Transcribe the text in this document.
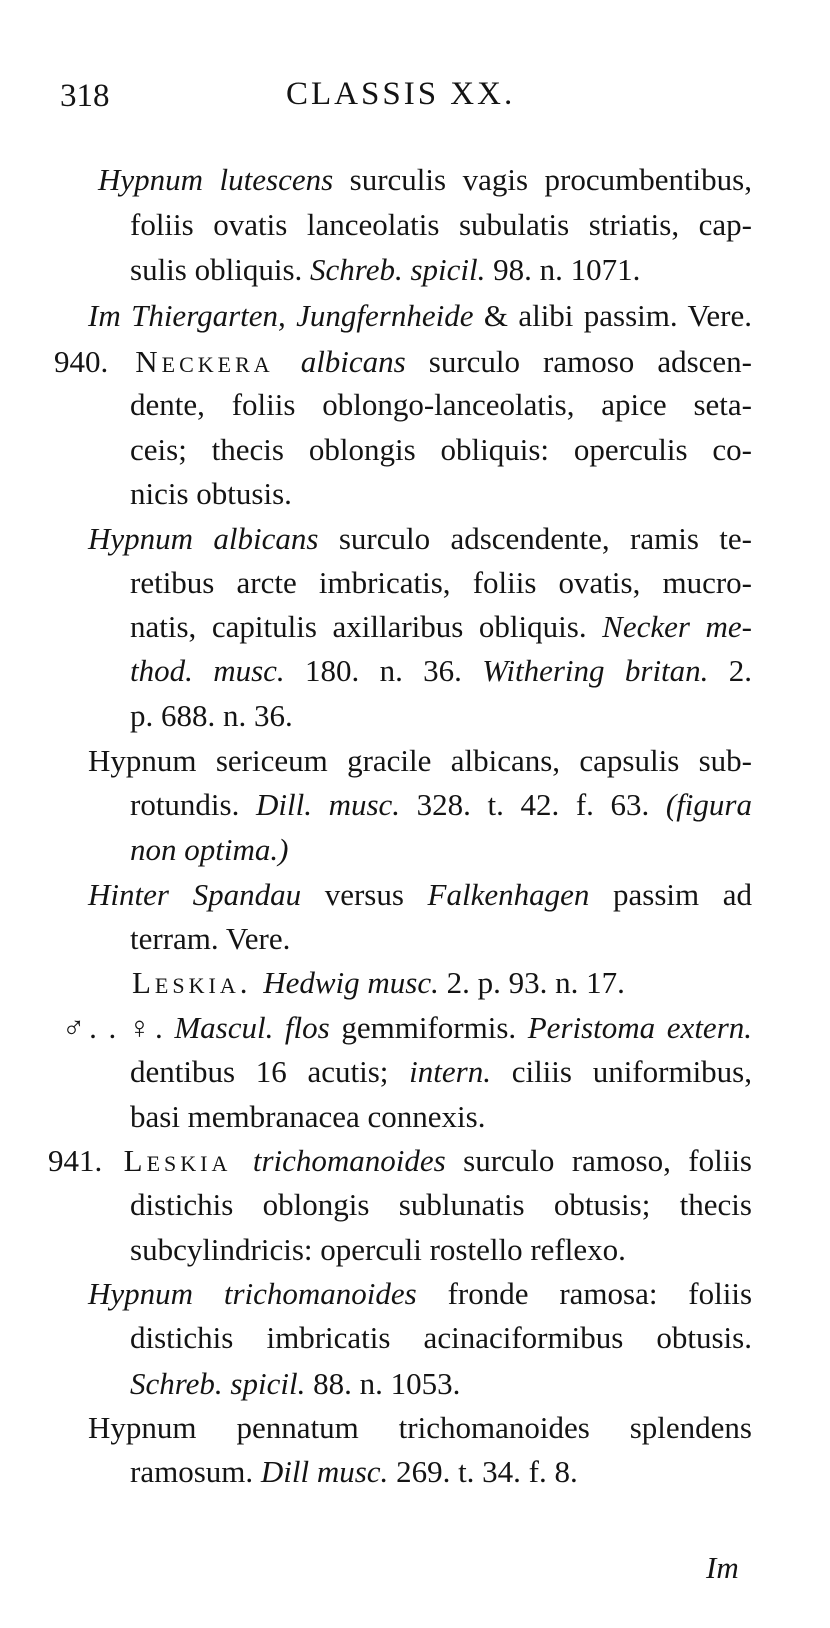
318	CLASSIS XX.
Hypnum lutescens surculis vagis procumbentibus,
foliis ovatis lanceolatis subulatis striatis, cap-
sulis obliquis. Schreb. spicil. 98. n. 1071.
Im Thiergarten, Jungfernheide & alibi passim. Vere.
940. Neckera albicans surculo ramoso adscen-
dente, foliis oblongo-lanceolatis, apice seta-
ceis; thecis oblongis obliquis: operculis co-
nicis obtusis.
Hypnum albicans surculo adscendente, ramis te-
retibus arcte imbricatis, foliis ovatis, mucro-
natis, capitulis axillaribus obliquis. Necker me-
thod. musc. 180. n. 36. Withering britan. 2.
p. 688. n. 36.
Hypnum sericeum gracile albicans, capsulis sub-
rotundis. Dill. musc. 328. t. 42. f. 63. (figura
non optima.)
Hinter Spandau versus Falkenhagen passim ad
terram. Vere.
Leskia. Hedwig musc. 2. p. 93. n. 17.
♂. . ♀. Mascul. flos gemmiformis. Peristoma extern.
dentibus 16 acutis; intern. ciliis uniformibus,
basi membranacea connexis.
941. Leskia trichomanoides surculo ramoso, foliis
distichis oblongis sublunatis obtusis; thecis
subcylindricis: operculi rostello reflexo.
Hypnum trichomanoides fronde ramosa: foliis
distichis imbricatis acinaciformibus obtusis.
Schreb. spicil. 88. n. 1053.
Hypnum pennatum trichomanoides splendens
ramosum. Dill musc. 269. t. 34. f. 8.
Im
